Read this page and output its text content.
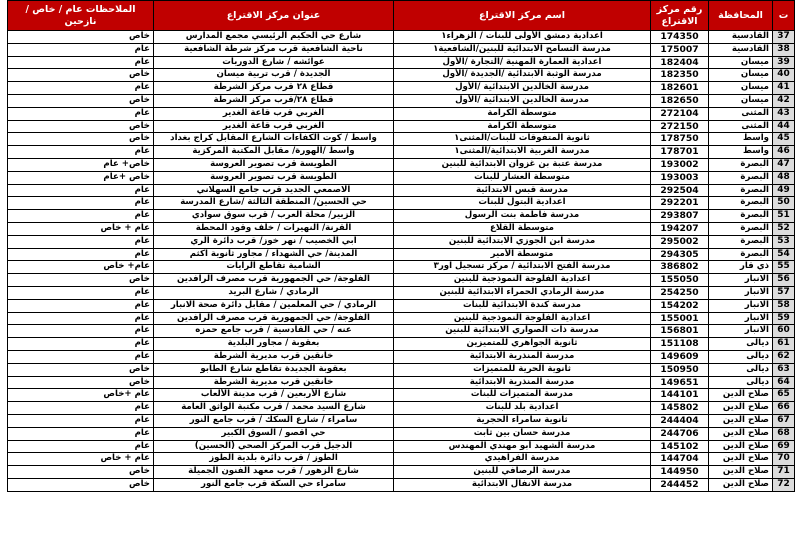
ت	المحافظة	رقم مركز الاقتراع	اسم مركز الاقتراع	عنوان مركز الاقتراع	الملاحظات عام / خاص / نازحين
37	القادسية	174350	اعدادية دمشق الأولى للبنات / الزهراء١	شارع حي الحكيم الرئيسي مجمع المدارس	خاص
38	القادسية	175007	مدرسة التسامح الابتدائية للبنين/الشافعية١	ناحية الشافعية قرب مركز شرطة الشافعية	عام
39	ميسان	182404	اعدادية العمارة المهنية /التجارة /الأول	عوائشه / شارع الدوريات	عام
40	ميسان	182350	مدرسة الوثبة الابتدائية /الجديدة /الأول	الجديدة / قرب تربية ميسان	خاص
41	ميسان	182601	مدرسة الخالدين الابتدائية /الأول	قطاع ٢٨ قرب مركز الشرطة	عام
42	ميسان	182650	مدرسة الخالدين الابتدائية /الأول	قطاع ٢٨/قرب مركز الشرطة	خاص
43	المثنى	272104	متوسطة الكرامة	الغربي قرب قاعة الغدير	عام
44	المثنى	272150	متوسطة الكرامة	الغربي قرب قاعة الغدير	خاص
45	واسط	178750	ثانوية المتفوقات للبنات/المثنى١	واسط / كوت الكفاءات الشارع المقابل كراج بغداد	خاص
46	واسط	178701	مدرسة الغربية الابتدائية/المثنى١	واسط /الهورة/ مقابل المكتبة المركزية	عام
47	البصرة	193002	مدرسة عتبة بن غزوان الابتدائية للبنين	الطويسة قرب تصوير العروسة	خاص+ عام
48	البصرة	193003	متوسطة العشار للبنات	الطويسة قرب تصوير العروسة	خاص +عام
49	البصرة	292504	مدرسة قبس الابتدائية	الاصمعي الجديد قرب جامع السهلاني	عام
50	البصرة	292201	اعدادية البتول للبنات	حي الحسين/ المنطقة الثالثة /شارع المدرسة	عام
51	البصرة	293807	مدرسة فاطمة بنت الرسول	الزبير/ محلة العرب / قرب سوق سوادي	عام
52	البصرة	194207	متوسطة القلاع	القرنة/ النهيرات / خلف وقود المحطة	عام + خاص
53	البصرة	295002	مدرسة ابن الجوزي الابتدائية للبنين	ابي الخصيب / نهر خوز/ قرب دائرة الري	عام
54	البصرة	294305	متوسطة الأمير	المدينة/ حي الشهداء / مجاور ثانوية اكثم	عام
55	ذي قار	386802	مدرسة الفتح الابتدائية / مركز تسجيل اور٣	الشامية تقاطع الرايات	عام+ خاص
56	الانبار	155050	اعدادية الفلوجة النموذجية للبنين	الفلوجة/ حي الجمهورية قرب مصرف الرافدين	خاص
57	الانبار	254250	مدرسة الرمادي الحمراء الابتدائية للبنين	الرمادي / شارع البريد	عام
58	الانبار	154202	مدرسة كندة الابتدائية للبنات	الرمادي / حي المعلمين / مقابل دائرة صحة الانبار	عام
59	الانبار	155001	اعدادية الفلوجة النموذجية للبنين	الفلوجة/ حي الجمهورية قرب مصرف الرافدين	عام
60	الانبار	156801	مدرسة ذات الصواري الابتدائية للبنين	عنه / حي القادسية / قرب جامع حمزه	عام
61	ديالى	151108	ثانوية الجواهري للمتميزين	بعقوبة / مجاور البلدية	عام
62	ديالى	149609	مدرسة المنذرية الابتدائية	خانقين قرب مديرية الشرطة	عام
63	ديالى	150950	ثانوية الحرية للمتميزات	بعقوبة الجديدة تقاطع شارع الطابو	خاص
64	ديالى	149651	مدرسة المنذرية الابتدائية	خانقين قرب مديرية الشرطة	خاص
65	صلاح الدين	144101	مدرسة المتميزات للبنات	شارع الأربعين / قرب مدينة الألعاب	عام +خاص
66	صلاح الدين	145802	اعدادية بلد للبنات	شارع السيد محمد / قرب مكتبة الواثق العامة	عام
67	صلاح الدين	244404	ثانوية سامراء الحجرية	سامراء / شارع السكك / قرب جامع النور	عام
68	صلاح الدين	244706	مدرسة حسان بين ثابت	حي اقصو / السوق الكبير	عام
69	صلاح الدين	145102	مدرسة الشهيد أبو مهندي المهندس	الدجيل قرب المركز الصحي (الحسين)	عام
70	صلاح الدين	144704	مدرسة الفراهيدي	الطوز / قرب دائرة بلدية الطوز	عام + خاص
71	صلاح الدين	144950	مدرسة الرصافي للبنين	شارع الزهور / قرب معهد الفنون الجميلة	خاص
72	صلاح الدين	244452	مدرسة الانفال الابتدائية	سامراء حي السكة قرب جامع النور	خاص
